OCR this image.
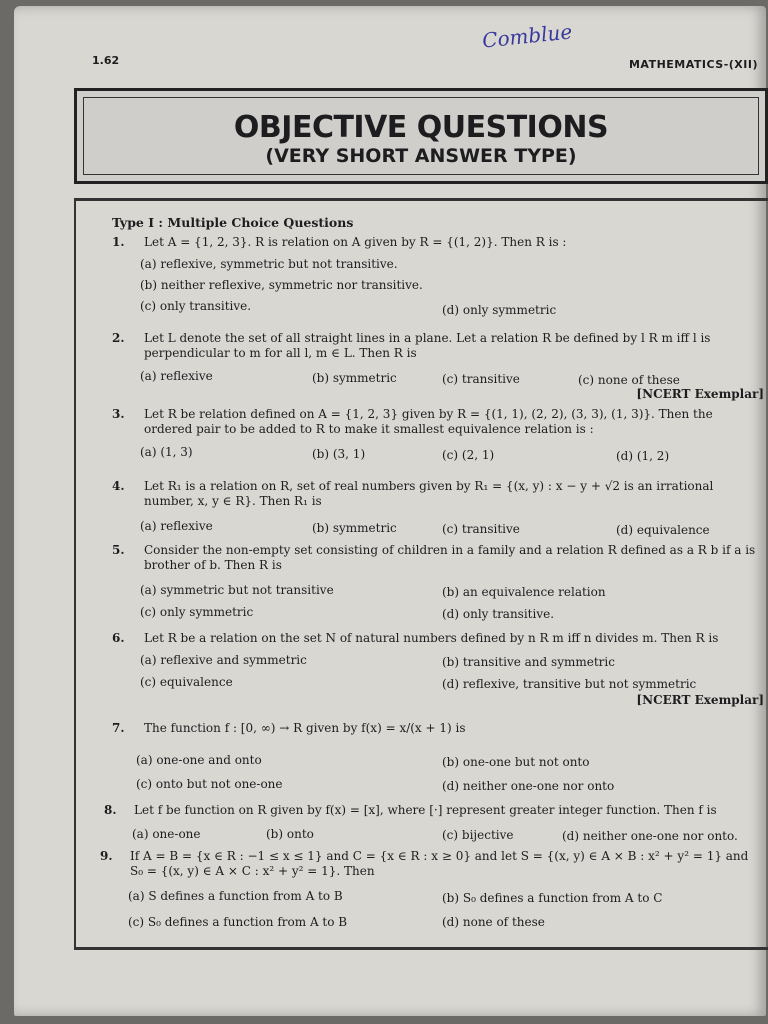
Comblue
1.62	MATHEMATICS-(XII)
OBJECTIVE QUESTIONS
(VERY SHORT ANSWER TYPE)
Type I : Multiple Choice Questions
1. Let A = {1, 2, 3}. R is relation on A given by R = {(1, 2)}. Then R is :
(a) reflexive, symmetric but not transitive.
(b) neither reflexive, symmetric nor transitive.
(c) only transitive.	(d) only symmetric
2. Let L denote the set of all straight lines in a plane. Let a relation R be defined by l R m iff l is perpendicular to m for all l, m ∈ L. Then R is
(a) reflexive	(b) symmetric	(c) transitive	(c) none of these
[NCERT Exemplar]
3. Let R be relation defined on A = {1, 2, 3} given by R = {(1, 1), (2, 2), (3, 3), (1, 3)}. Then the ordered pair to be added to R to make it smallest equivalence relation is :
(a) (1, 3)	(b) (3, 1)	(c) (2, 1)	(d) (1, 2)
4. Let R₁ is a relation on R, set of real numbers given by R₁ = {(x, y) : x − y + √2 is an irrational number, x, y ∈ R}. Then R₁ is
(a) reflexive	(b) symmetric	(c) transitive	(d) equivalence
5. Consider the non-empty set consisting of children in a family and a relation R defined as a R b if a is brother of b. Then R is
(a) symmetric but not transitive	(b) an equivalence relation
(c) only symmetric	(d) only transitive.
6. Let R be a relation on the set N of natural numbers defined by n R m iff n divides m. Then R is
(a) reflexive and symmetric	(b) transitive and symmetric
(c) equivalence	(d) reflexive, transitive but not symmetric
[NCERT Exemplar]
7. The function f : [0, ∞) → R given by f(x) = x/(x + 1) is
(a) one-one and onto	(b) one-one but not onto
(c) onto but not one-one	(d) neither one-one nor onto
8. Let f be function on R given by f(x) = [x], where [·] represent greater integer function. Then f is
(a) one-one	(b) onto	(c) bijective	(d) neither one-one nor onto.
9. If A = B = {x ∈ R : −1 ≤ x ≤ 1} and C = {x ∈ R : x ≥ 0} and let S = {(x, y) ∈ A × B : x² + y² = 1} and S₀ = {(x, y) ∈ A × C : x² + y² = 1}. Then
(a) S defines a function from A to B	(b) S₀ defines a function from A to C
(c) S₀ defines a function from A to B	(d) none of these
